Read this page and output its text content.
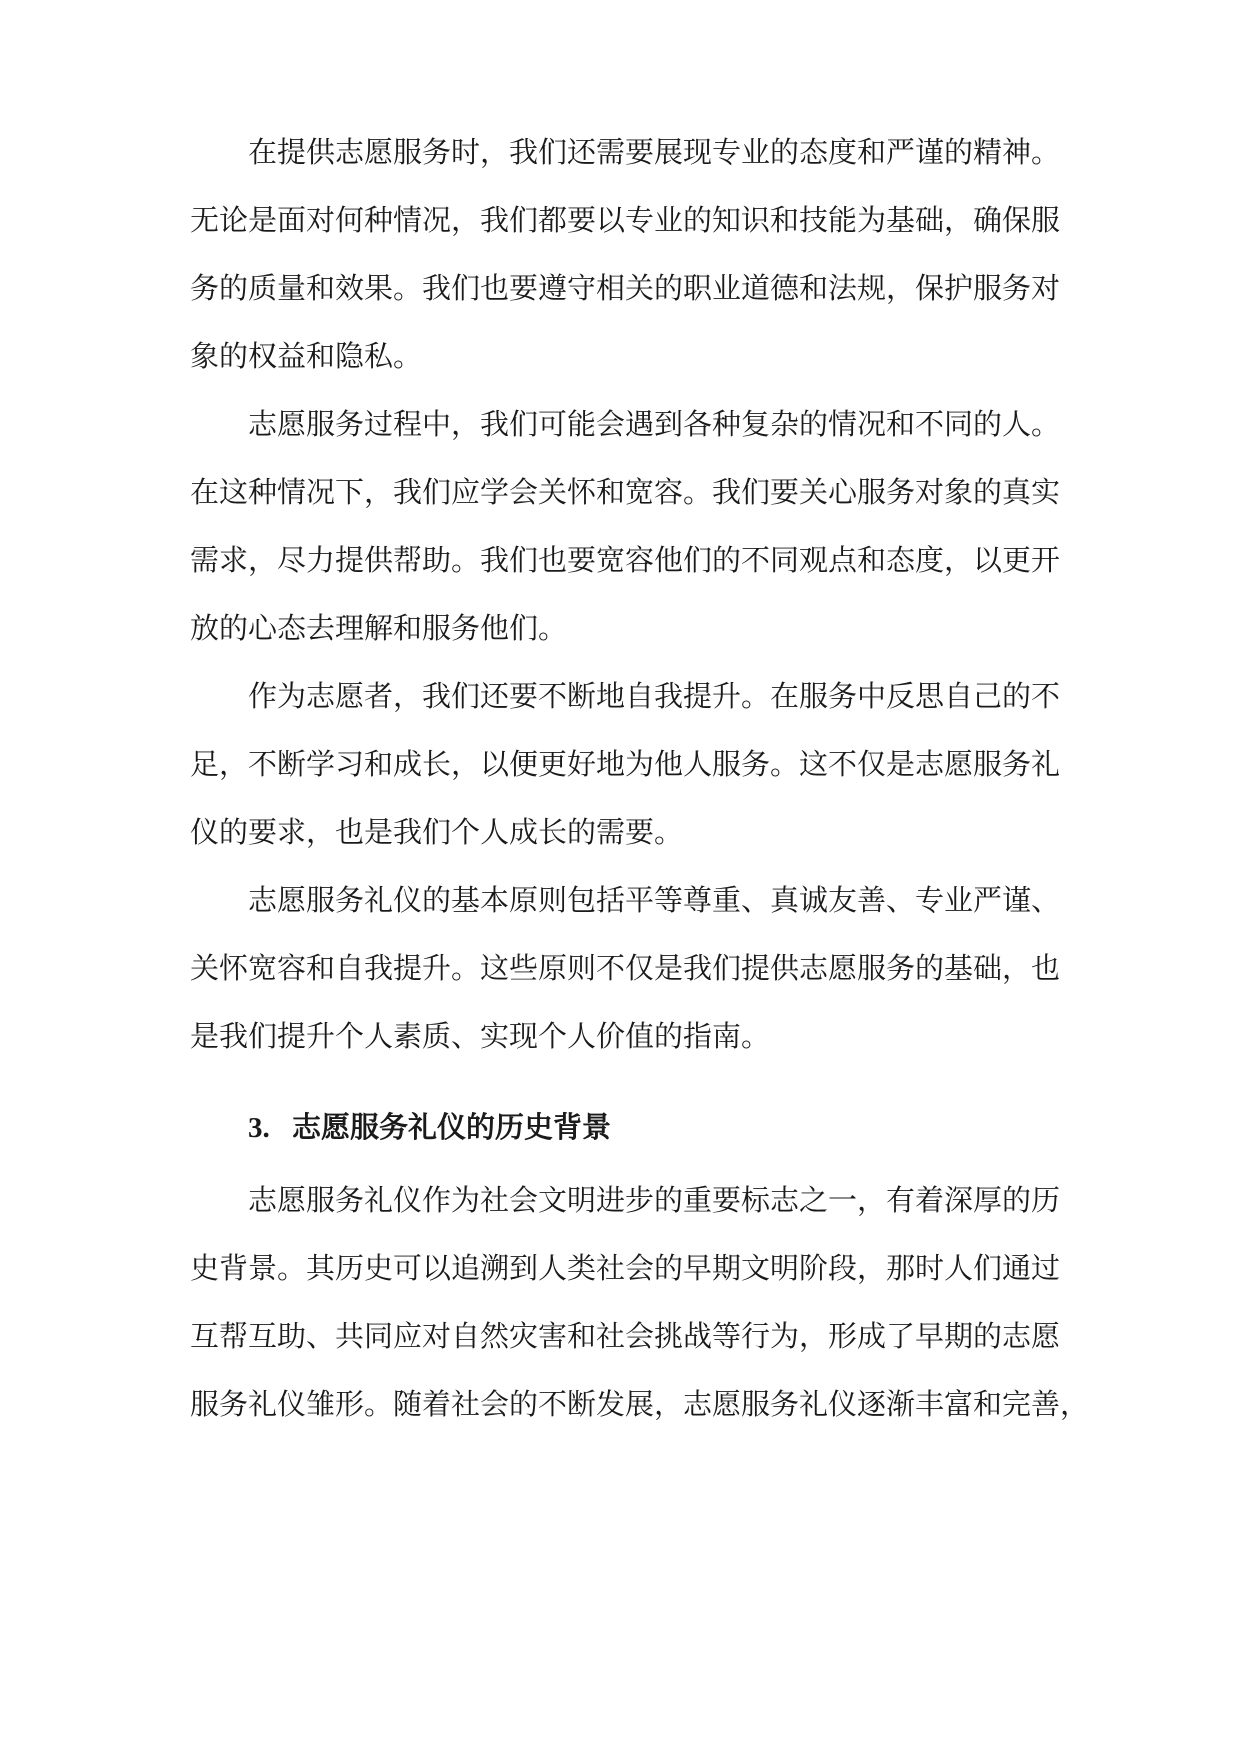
在提供志愿服务时，我们还需要展现专业的态度和严谨的精神。
无论是面对何种情况，我们都要以专业的知识和技能为基础，确保服
务的质量和效果。我们也要遵守相关的职业道德和法规，保护服务对
象的权益和隐私。
志愿服务过程中，我们可能会遇到各种复杂的情况和不同的人。
在这种情况下，我们应学会关怀和宽容。我们要关心服务对象的真实
需求，尽力提供帮助。我们也要宽容他们的不同观点和态度，以更开
放的心态去理解和服务他们。
作为志愿者，我们还要不断地自我提升。在服务中反思自己的不
足，不断学习和成长，以便更好地为他人服务。这不仅是志愿服务礼
仪的要求，也是我们个人成长的需要。
志愿服务礼仪的基本原则包括平等尊重、真诚友善、专业严谨、
关怀宽容和自我提升。这些原则不仅是我们提供志愿服务的基础，也
是我们提升个人素质、实现个人价值的指南。
3. 志愿服务礼仪的历史背景
志愿服务礼仪作为社会文明进步的重要标志之一，有着深厚的历
史背景。其历史可以追溯到人类社会的早期文明阶段，那时人们通过
互帮互助、共同应对自然灾害和社会挑战等行为，形成了早期的志愿
服务礼仪雏形。随着社会的不断发展，志愿服务礼仪逐渐丰富和完善，
